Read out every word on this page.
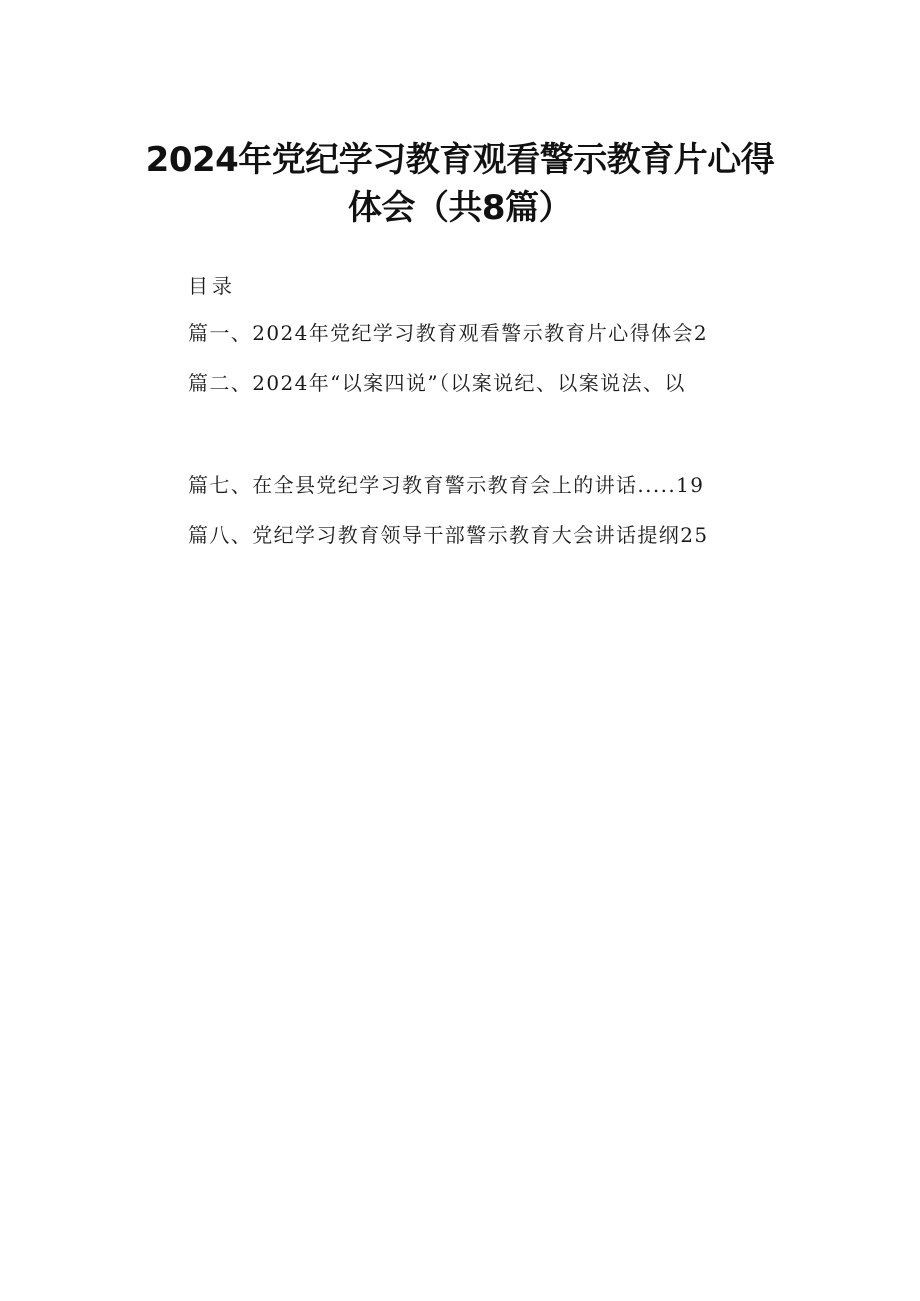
2024年党纪学习教育观看警示教育片心得
体会（共8篇）
目录
篇一、2024年党纪学习教育观看警示教育片心得体会2
篇二、2024年“以案四说”（以案说纪、以案说法、以
篇七、在全县党纪学习教育警示教育会上的讲话.....19
篇八、党纪学习教育领导干部警示教育大会讲话提纲25
